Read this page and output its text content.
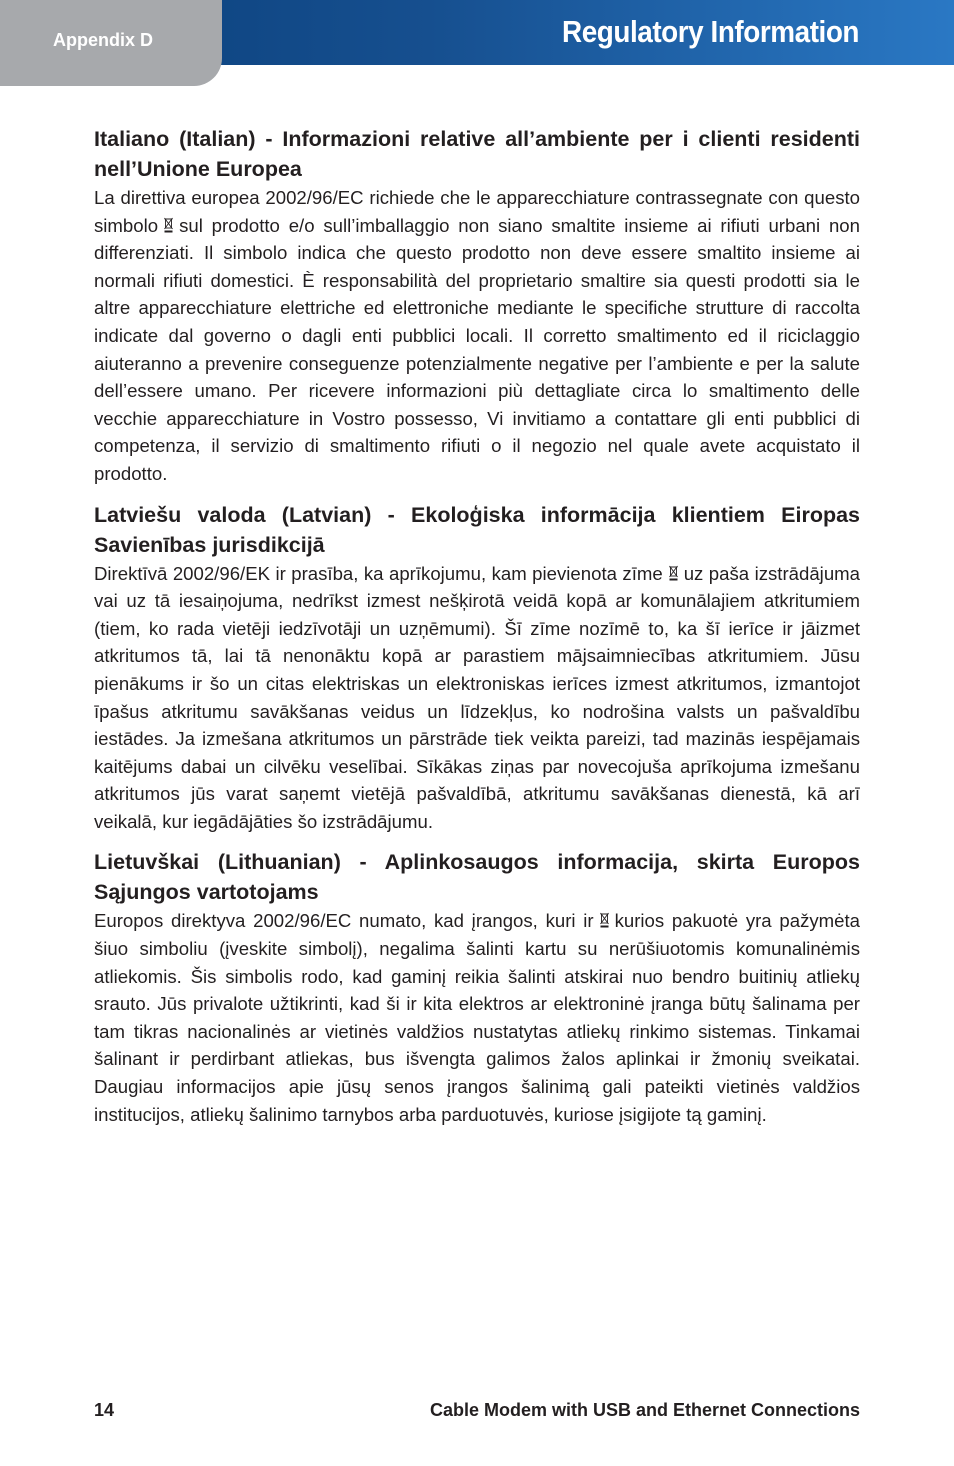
Appendix D	Regulatory Information
Italiano (Italian) - Informazioni relative all’ambiente per i clienti residenti nell’Unione Europea

La direttiva europea 2002/96/EC richiede che le apparecchiature contrassegnate con questo simbolo sul prodotto e/o sull’imballaggio non siano smaltite insieme ai rifiuti urbani non differenziati. Il simbolo indica che questo prodotto non deve essere smaltito insieme ai normali rifiuti domestici. È responsabilità del proprietario smaltire sia questi prodotti sia le altre apparecchiature elettriche ed elettroniche mediante le specifiche strutture di raccolta indicate dal governo o dagli enti pubblici locali. Il corretto smaltimento ed il riciclaggio aiuteranno a prevenire conseguenze potenzialmente negative per l’ambiente e per la salute dell’essere umano. Per ricevere informazioni più dettagliate circa lo smaltimento delle vecchie apparecchiature in Vostro possesso, Vi invitiamo a contattare gli enti pubblici di competenza, il servizio di smaltimento rifiuti o il negozio nel quale avete acquistato il prodotto.

Latviešu valoda (Latvian) - Ekoloģiska informācija klientiem Eiropas Savienības jurisdikcijā

Direktīvā 2002/96/EK ir prasība, ka aprīkojumu, kam pievienota zīme uz paša izstrādājuma vai uz tā iesaiņojuma, nedrīkst izmest nešķirotā veidā kopā ar komunālajiem atkritumiem (tiem, ko rada vietēji iedzīvotāji un uzņēmumi). Šī zīme nozīmē to, ka šī ierīce ir jāizmet atkritumos tā, lai tā nenonāktu kopā ar parastiem mājsaimniecības atkritumiem. Jūsu pienākums ir šo un citas elektriskas un elektroniskas ierīces izmest atkritumos, izmantojot īpašus atkritumu savākšanas veidus un līdzekļus, ko nodrošina valsts un pašvaldību iestādes. Ja izmešana atkritumos un pārstrāde tiek veikta pareizi, tad mazinās iespējamais kaitējums dabai un cilvēku veselībai. Sīkākas ziņas par novecojuša aprīkojuma izmešanu atkritumos jūs varat saņemt vietējā pašvaldībā, atkritumu savākšanas dienestā, kā arī veikalā, kur iegādājāties šo izstrādājumu.

Lietuvškai (Lithuanian) - Aplinkosaugos informacija, skirta Europos Sąjungos vartotojams

Europos direktyva 2002/96/EC numato, kad įrangos, kuri ir kurios pakuotė yra pažymėta šiuo simboliu (įveskite simbolį), negalima šalinti kartu su nerūšiuotomis komunalinėmis atliekomis. Šis simbolis rodo, kad gaminį reikia šalinti atskirai nuo bendro buitinių atliekų srauto. Jūs privalote užtikrinti, kad ši ir kita elektros ar elektroninė įranga būtų šalinama per tam tikras nacionalinės ar vietinės valdžios nustatytas atliekų rinkimo sistemas. Tinkamai šalinant ir perdirbant atliekas, bus išvengta galimos žalos aplinkai ir žmonių sveikatai. Daugiau informacijos apie jūsų senos įrangos šalinimą gali pateikti vietinės valdžios institucijos, atliekų šalinimo tarnybos arba parduotuvės, kuriose įsigijote tą gaminį.

14	Cable Modem with USB and Ethernet Connections
